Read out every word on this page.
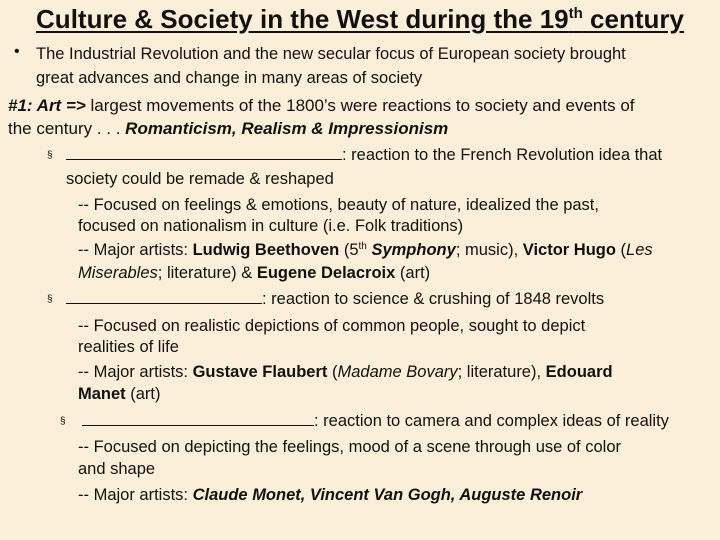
Culture & Society in the West during the 19th century
• The Industrial Revolution and the new secular focus of European society brought
great advances and change in many areas of society
#1: Art => largest movements of the 1800’s were reactions to society and events of
the century . . . Romanticism, Realism & Impressionism
§	: reaction to the French Revolution idea that
society could be remade & reshaped
-- Focused on feelings & emotions, beauty of nature, idealized the past,
focused on nationalism in culture (i.e. Folk traditions)
-- Major artists: Ludwig Beethoven (5th Symphony; music), Victor Hugo (Les
Miserables; literature) & Eugene Delacroix (art)
§	: reaction to science & crushing of 1848 revolts
-- Focused on realistic depictions of common people, sought to depict
realities of life
-- Major artists: Gustave Flaubert (Madame Bovary; literature), Edouard
Manet (art)
§	: reaction to camera and complex ideas of reality
-- Focused on depicting the feelings, mood of a scene through use of color
and shape
-- Major artists: Claude Monet, Vincent Van Gogh, Auguste Renoir
